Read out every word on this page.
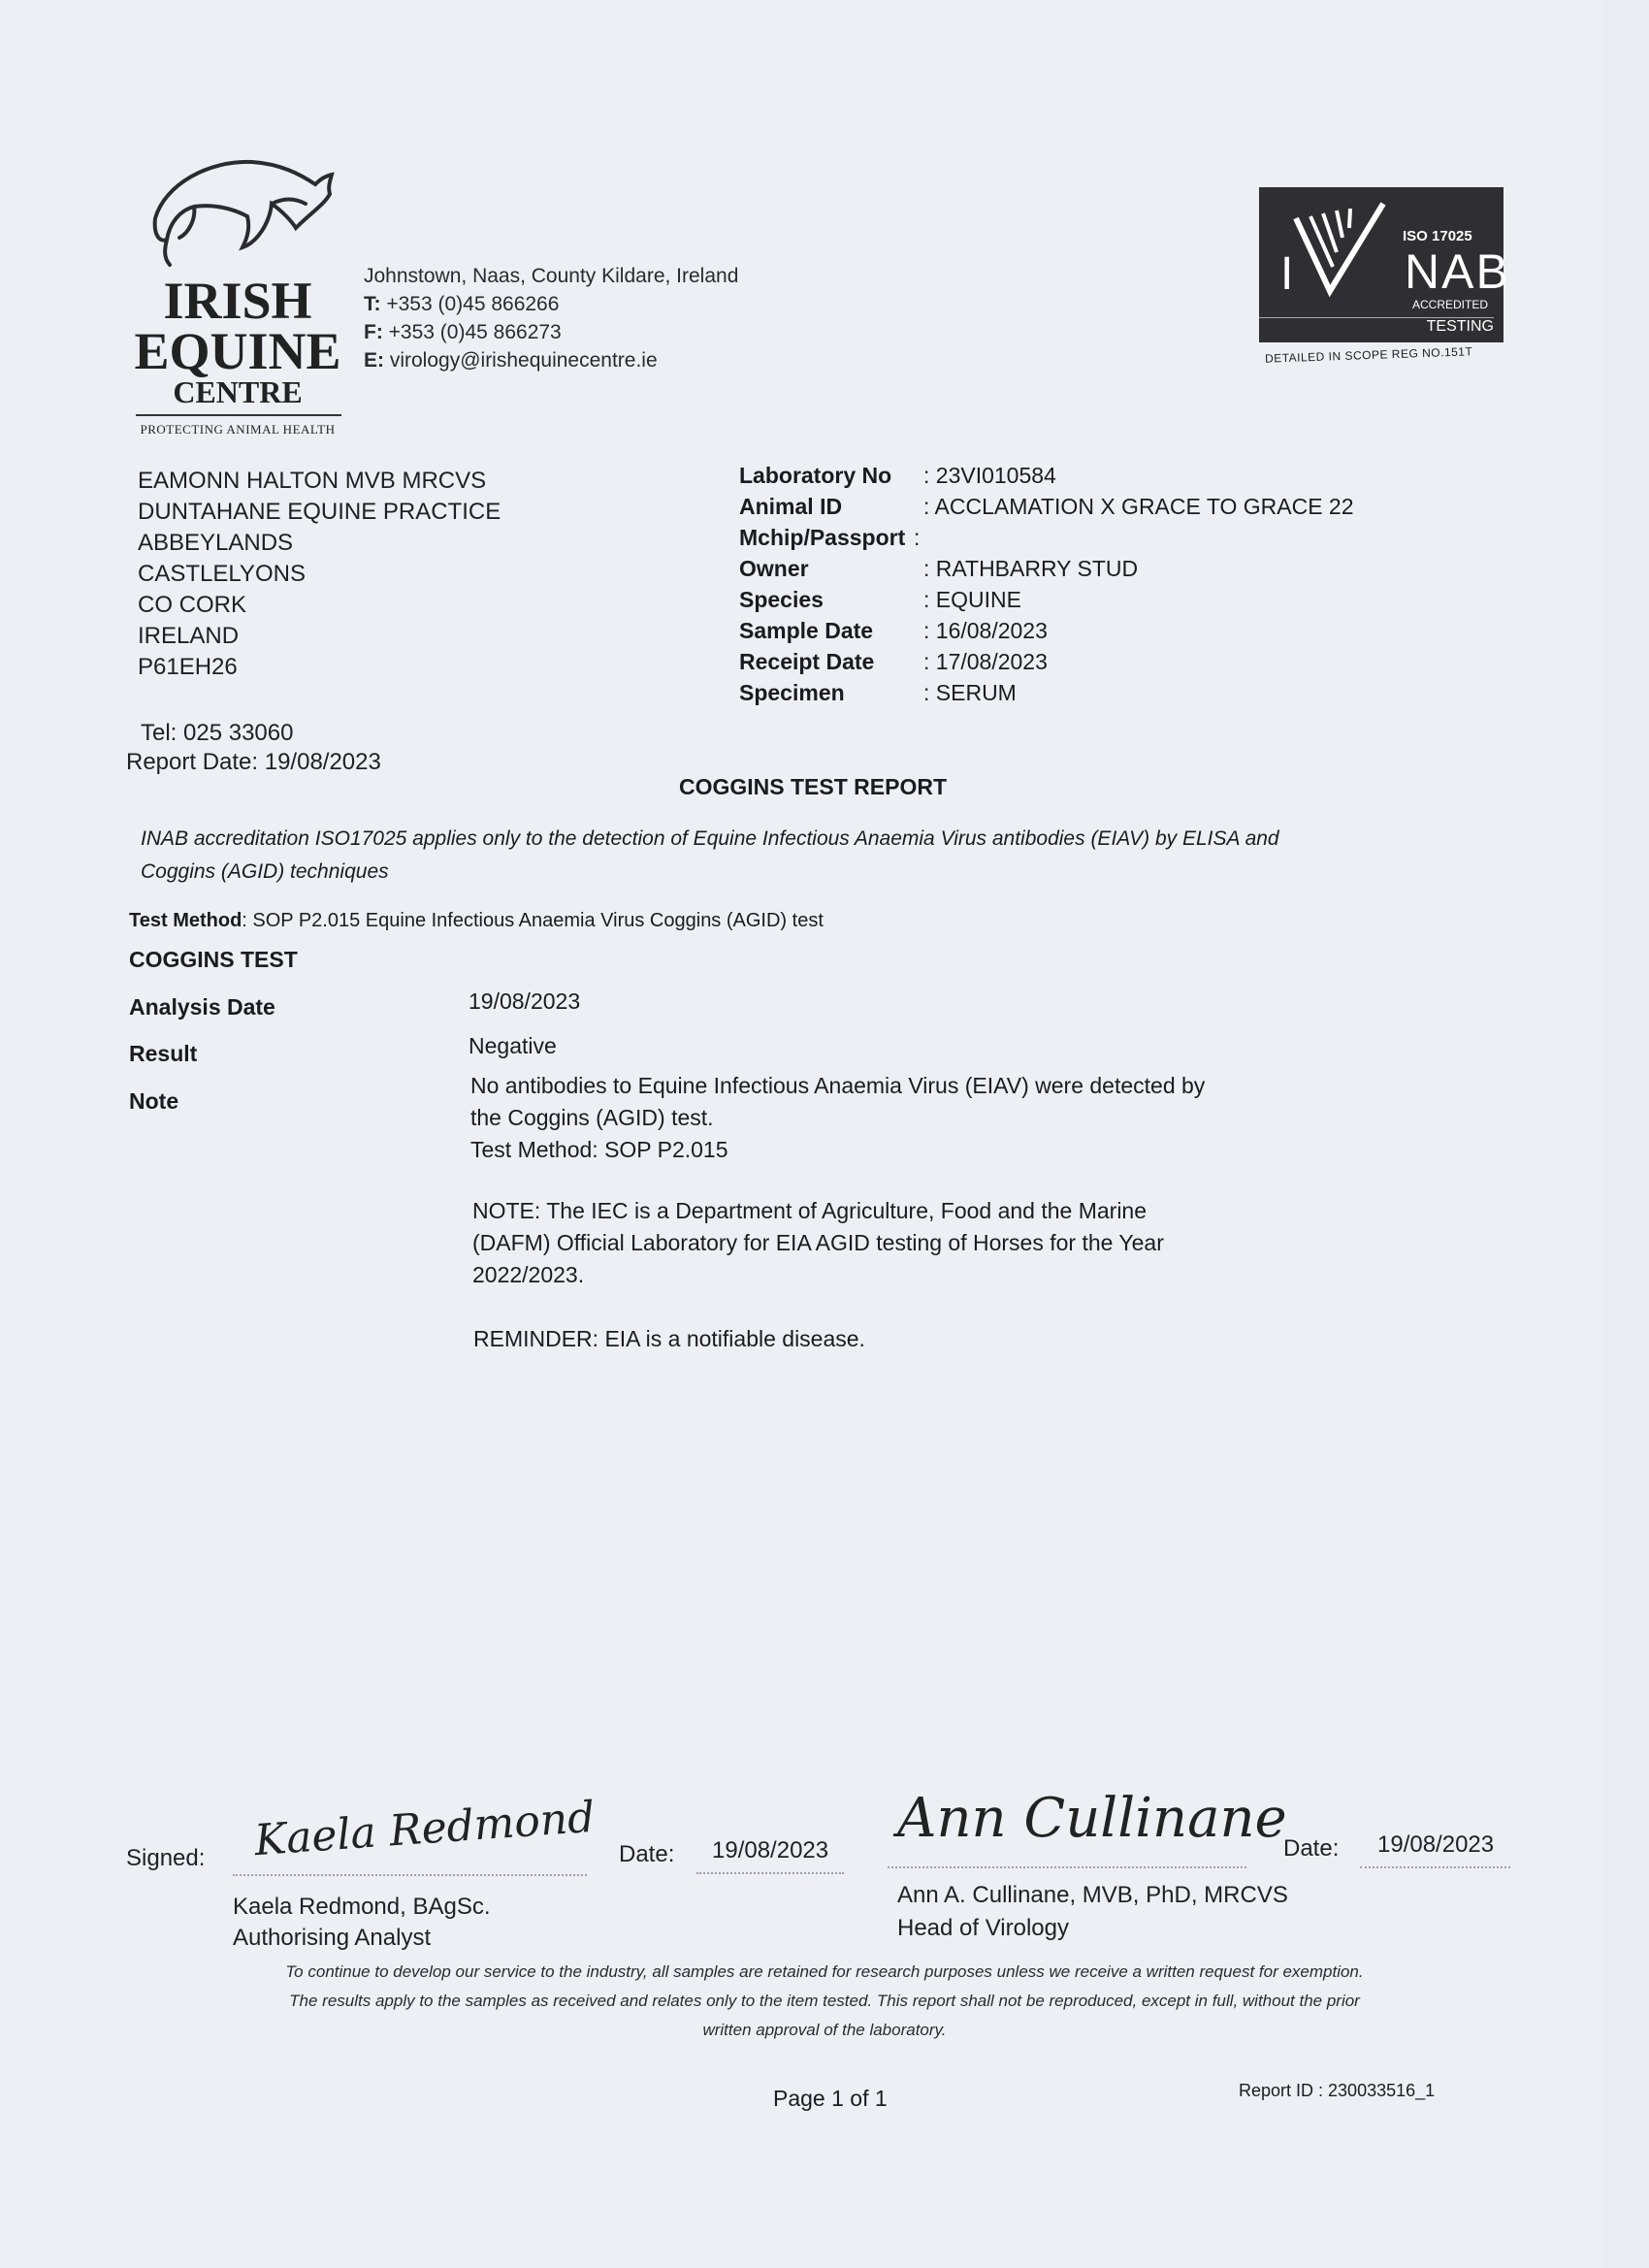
IRISH
EQUINE
CENTRE
PROTECTING ANIMAL HEALTH
Johnstown, Naas, County Kildare, Ireland
T: +353 (0)45 866266
F: +353 (0)45 866273
E: virology@irishequinecentre.ie
ISO 17025
I NAB
ACCREDITED
TESTING
DETAILED IN SCOPE REG NO.151T
EAMONN HALTON MVB MRCVS
DUNTAHANE EQUINE PRACTICE
ABBEYLANDS
CASTLELYONS
CO CORK
IRELAND
P61EH26
Tel: 025 33060
Report Date: 19/08/2023
Laboratory No	: 23VI010584
Animal ID	: ACCLAMATION X GRACE TO GRACE 22
Mchip/Passport :
Owner	: RATHBARRY STUD
Species	: EQUINE
Sample Date	: 16/08/2023
Receipt Date	: 17/08/2023
Specimen	: SERUM
COGGINS TEST REPORT
INAB accreditation ISO17025 applies only to the detection of Equine Infectious Anaemia Virus antibodies (EIAV) by ELISA and
Coggins (AGID) techniques
Test Method: SOP P2.015 Equine Infectious Anaemia Virus Coggins (AGID) test
COGGINS TEST
Analysis Date	19/08/2023
Result	Negative
Note
No antibodies to Equine Infectious Anaemia Virus (EIAV) were detected by
the Coggins (AGID) test.
Test Method: SOP P2.015
NOTE: The IEC is a Department of Agriculture, Food and the Marine
(DAFM) Official Laboratory for EIA AGID testing of Horses for the Year
2022/2023.
REMINDER: EIA is a notifiable disease.
Signed: Kaela Redmond Date: 19/08/2023
Kaela Redmond, BAgSc.
Authorising Analyst
Ann Cullinane
Date: 19/08/2023
Ann A. Cullinane, MVB, PhD, MRCVS
Head of Virology
To continue to develop our service to the industry, all samples are retained for research purposes unless we receive a written request for exemption.
The results apply to the samples as received and relates only to the item tested. This report shall not be reproduced, except in full, without the prior
written approval of the laboratory.
Page 1 of 1	Report ID : 230033516_1
